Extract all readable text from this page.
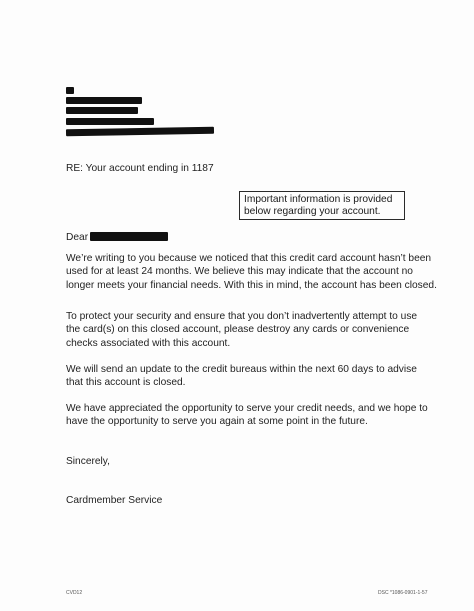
RE: Your account ending in 1187
Important information is provided
below regarding your account.
Dear
We’re writing to you because we noticed that this credit card account hasn’t been
used for at least 24 months. We believe this may indicate that the account no
longer meets your financial needs. With this in mind, the account has been closed.
To protect your security and ensure that you don’t inadvertently attempt to use
the card(s) on this closed account, please destroy any cards or convenience
checks associated with this account.
We will send an update to the credit bureaus within the next 60 days to advise
that this account is closed.
We have appreciated the opportunity to serve your credit needs, and we hope to
have the opportunity to serve you again at some point in the future.
Sincerely,
Cardmember Service
CVD12	DSC *1086-0901-1-57
